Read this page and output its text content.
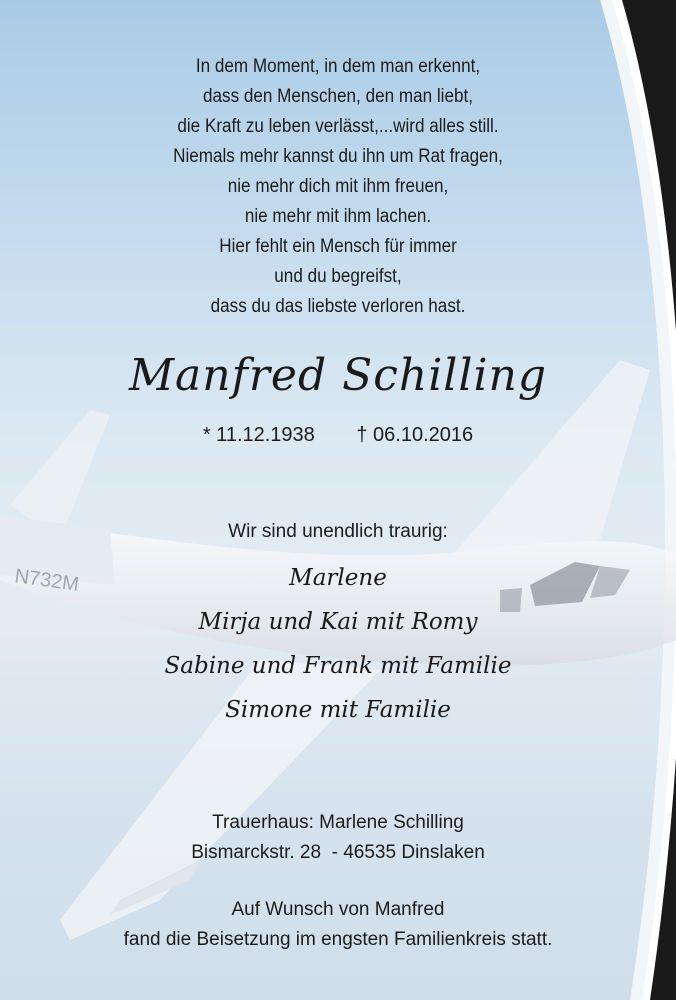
N732M
In dem Moment, in dem man erkennt,
dass den Menschen, den man liebt,
die Kraft zu leben verlässt,...wird alles still.
Niemals mehr kannst du ihn um Rat fragen,
nie mehr dich mit ihm freuen,
nie mehr mit ihm lachen.
Hier fehlt ein Mensch für immer
und du begreifst,
dass du das liebste verloren hast.
Manfred Schilling
* 11.12.1938 † 06.10.2016
Wir sind unendlich traurig:
Marlene
Mirja und Kai mit Romy
Sabine und Frank mit Familie
Simone mit Familie
Trauerhaus: Marlene Schilling
Bismarckstr. 28  - 46535 Dinslaken
Auf Wunsch von Manfred
fand die Beisetzung im engsten Familienkreis statt.
